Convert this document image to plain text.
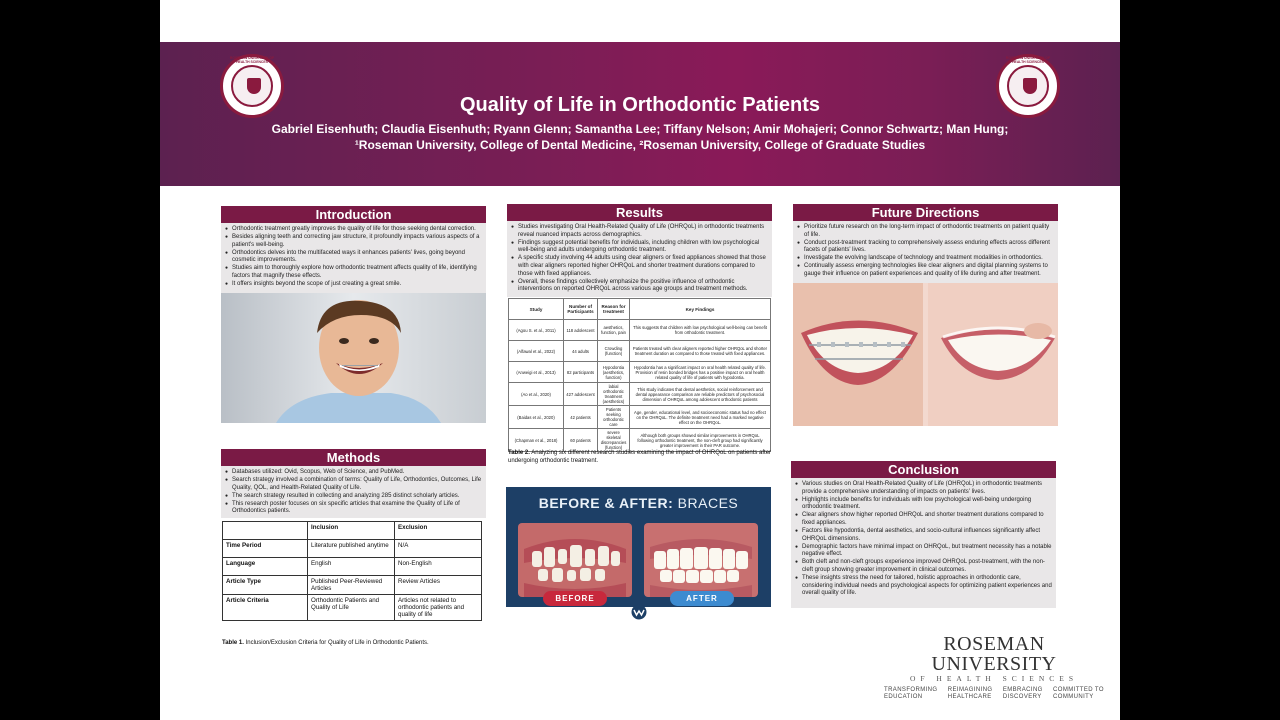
ROSEMAN UNIVERSITY OF HEALTH SCIENCES
ROSEMAN UNIVERSITY OF HEALTH SCIENCES
Quality of Life in Orthodontic Patients
Gabriel Eisenhuth; Claudia Eisenhuth; Ryann Glenn; Samantha Lee; Tiffany Nelson; Amir Mohajeri; Connor Schwartz; Man Hung;
¹Roseman University, College of Dental Medicine, ²Roseman University, College of Graduate Studies
Introduction
● Orthodontic treatment greatly improves the quality of life for those seeking dental correction.
● Besides aligning teeth and correcting jaw structure, it profoundly impacts various aspects of a patient's well-being.
● Orthodontics delves into the multifaceted ways it enhances patients' lives, going beyond cosmetic improvements.
● Studies aim to thoroughly explore how orthodontic treatment affects quality of life, identifying factors that magnify these effects.
● It offers insights beyond the scope of just creating a great smile.
Methods
● Databases utilized: Ovid, Scopus, Web of Science, and PubMed.
● Search strategy involved a combination of terms: Quality of Life, Orthodontics, Outcomes, Life Quality, QOL, and Health-Related Quality of Life.
● The search strategy resulted in collecting and analyzing 285 distinct scholarly articles.
● This research poster focuses on six specific articles that examine the Quality of Life of Orthodontics patients.
	Inclusion	Exclusion
Time Period	Literature published anytime	N/A
Language	English	Non-English
Article Type	Published Peer-Reviewed Articles	Review Articles
Article Criteria	Orthodontic Patients and Quality of Life	Articles not related to orthodontic patients and quality of life
Table 1. Inclusion/Exclusion Criteria for Quality of Life in Orthodontic Patients.
Results
● Studies investigating Oral Health-Related Quality of Life (OHRQoL) in orthodontic treatments reveal nuanced impacts across demographics.
● Findings suggest potential benefits for individuals, including children with low psychological well-being and adults undergoing orthodontic treatment.
● A specific study involving 44 adults using clear aligners or fixed appliances showed that those with clear aligners reported higher OHRQoL and shorter treatment durations compared to those with fixed appliances.
● Overall, these findings collectively emphasize the positive influence of orthodontic interventions on reported OHRQoL across various age groups and treatment methods.
Study	Number of Participants	Reason for treatment	Key Findings
(Agou S. et al., 2011)	118 adolescent	aesthetics, function, pain	This suggests that children with low psychological well-being can benefit from orthodontic treatment.
(Alfawal et al., 2022)	44 adults	Crowding (function)	Patients treated with clear aligners reported higher OHRQoL and shorter treatment duration as compared to those treated with fixed appliances.
(Anweigi et al., 2013)	82 participants	Hypodontia (aesthetics, function)	Hypodontia has a significant impact on oral health related quality of life. Provision of resin bonded bridges has a positive impact on oral health related quality of life of patients with hypodontia.
(Ao et al., 2020)	427 adolescent	labial orthodontic treatment (aesthetics)	This study indicates that dental aesthetics, social reinforcement and dental appearance comparison are reliable predictors of psychosocial dimension of OHRQoL among adolescent orthodontic patients
(Baidas et al., 2020)	42 patients	Patients seeking orthodontic care	Age, gender, educational level, and socioeconomic status had no effect on the OHRQoL. The definite treatment need had a marked negative effect on the OHRQoL.
(Chapman et al., 2018)	60 patients	severe skeletal discrepancies (function)	Although both groups showed similar improvements in OHRQoL following orthodontic treatment, the non-cleft group had significantly greater improvement in their PAR outcome.
Table 2. Analyzing six different research studies examining the impact of OHRQoL on patients after undergoing orthodontic treatment.
BEFORE & AFTER: BRACES
BEFORE	AFTER
Future Directions
● Prioritize future research on the long-term impact of orthodontic treatments on patient quality of life.
● Conduct post-treatment tracking to comprehensively assess enduring effects across different facets of patients' lives.
● Investigate the evolving landscape of technology and treatment modalities in orthodontics.
● Continually assess emerging technologies like clear aligners and digital planning systems to gauge their influence on patient experiences and quality of life during and after treatment.
Conclusion
● Various studies on Oral Health-Related Quality of Life (OHRQoL) in orthodontic treatments provide a comprehensive understanding of impacts on patients' lives.
● Highlights include benefits for individuals with low psychological well-being undergoing orthodontic treatment.
● Clear aligners show higher reported OHRQoL and shorter treatment durations compared to fixed appliances.
● Factors like hypodontia, dental aesthetics, and socio-cultural influences significantly affect OHRQoL dimensions.
● Demographic factors have minimal impact on OHRQoL, but treatment necessity has a notable negative effect.
● Both cleft and non-cleft groups experience improved OHRQoL post-treatment, with the non-cleft group showing greater improvement in clinical outcomes.
● These insights stress the need for tailored, holistic approaches in orthodontic care, considering individual needs and psychological aspects for optimizing patient experiences and overall quality of life.
ROSEMAN UNIVERSITY
OF HEALTH SCIENCES
TRANSFORMING
EDUCATION
REIMAGINING
HEALTHCARE
EMBRACING
DISCOVERY
COMMITTED TO
COMMUNITY
